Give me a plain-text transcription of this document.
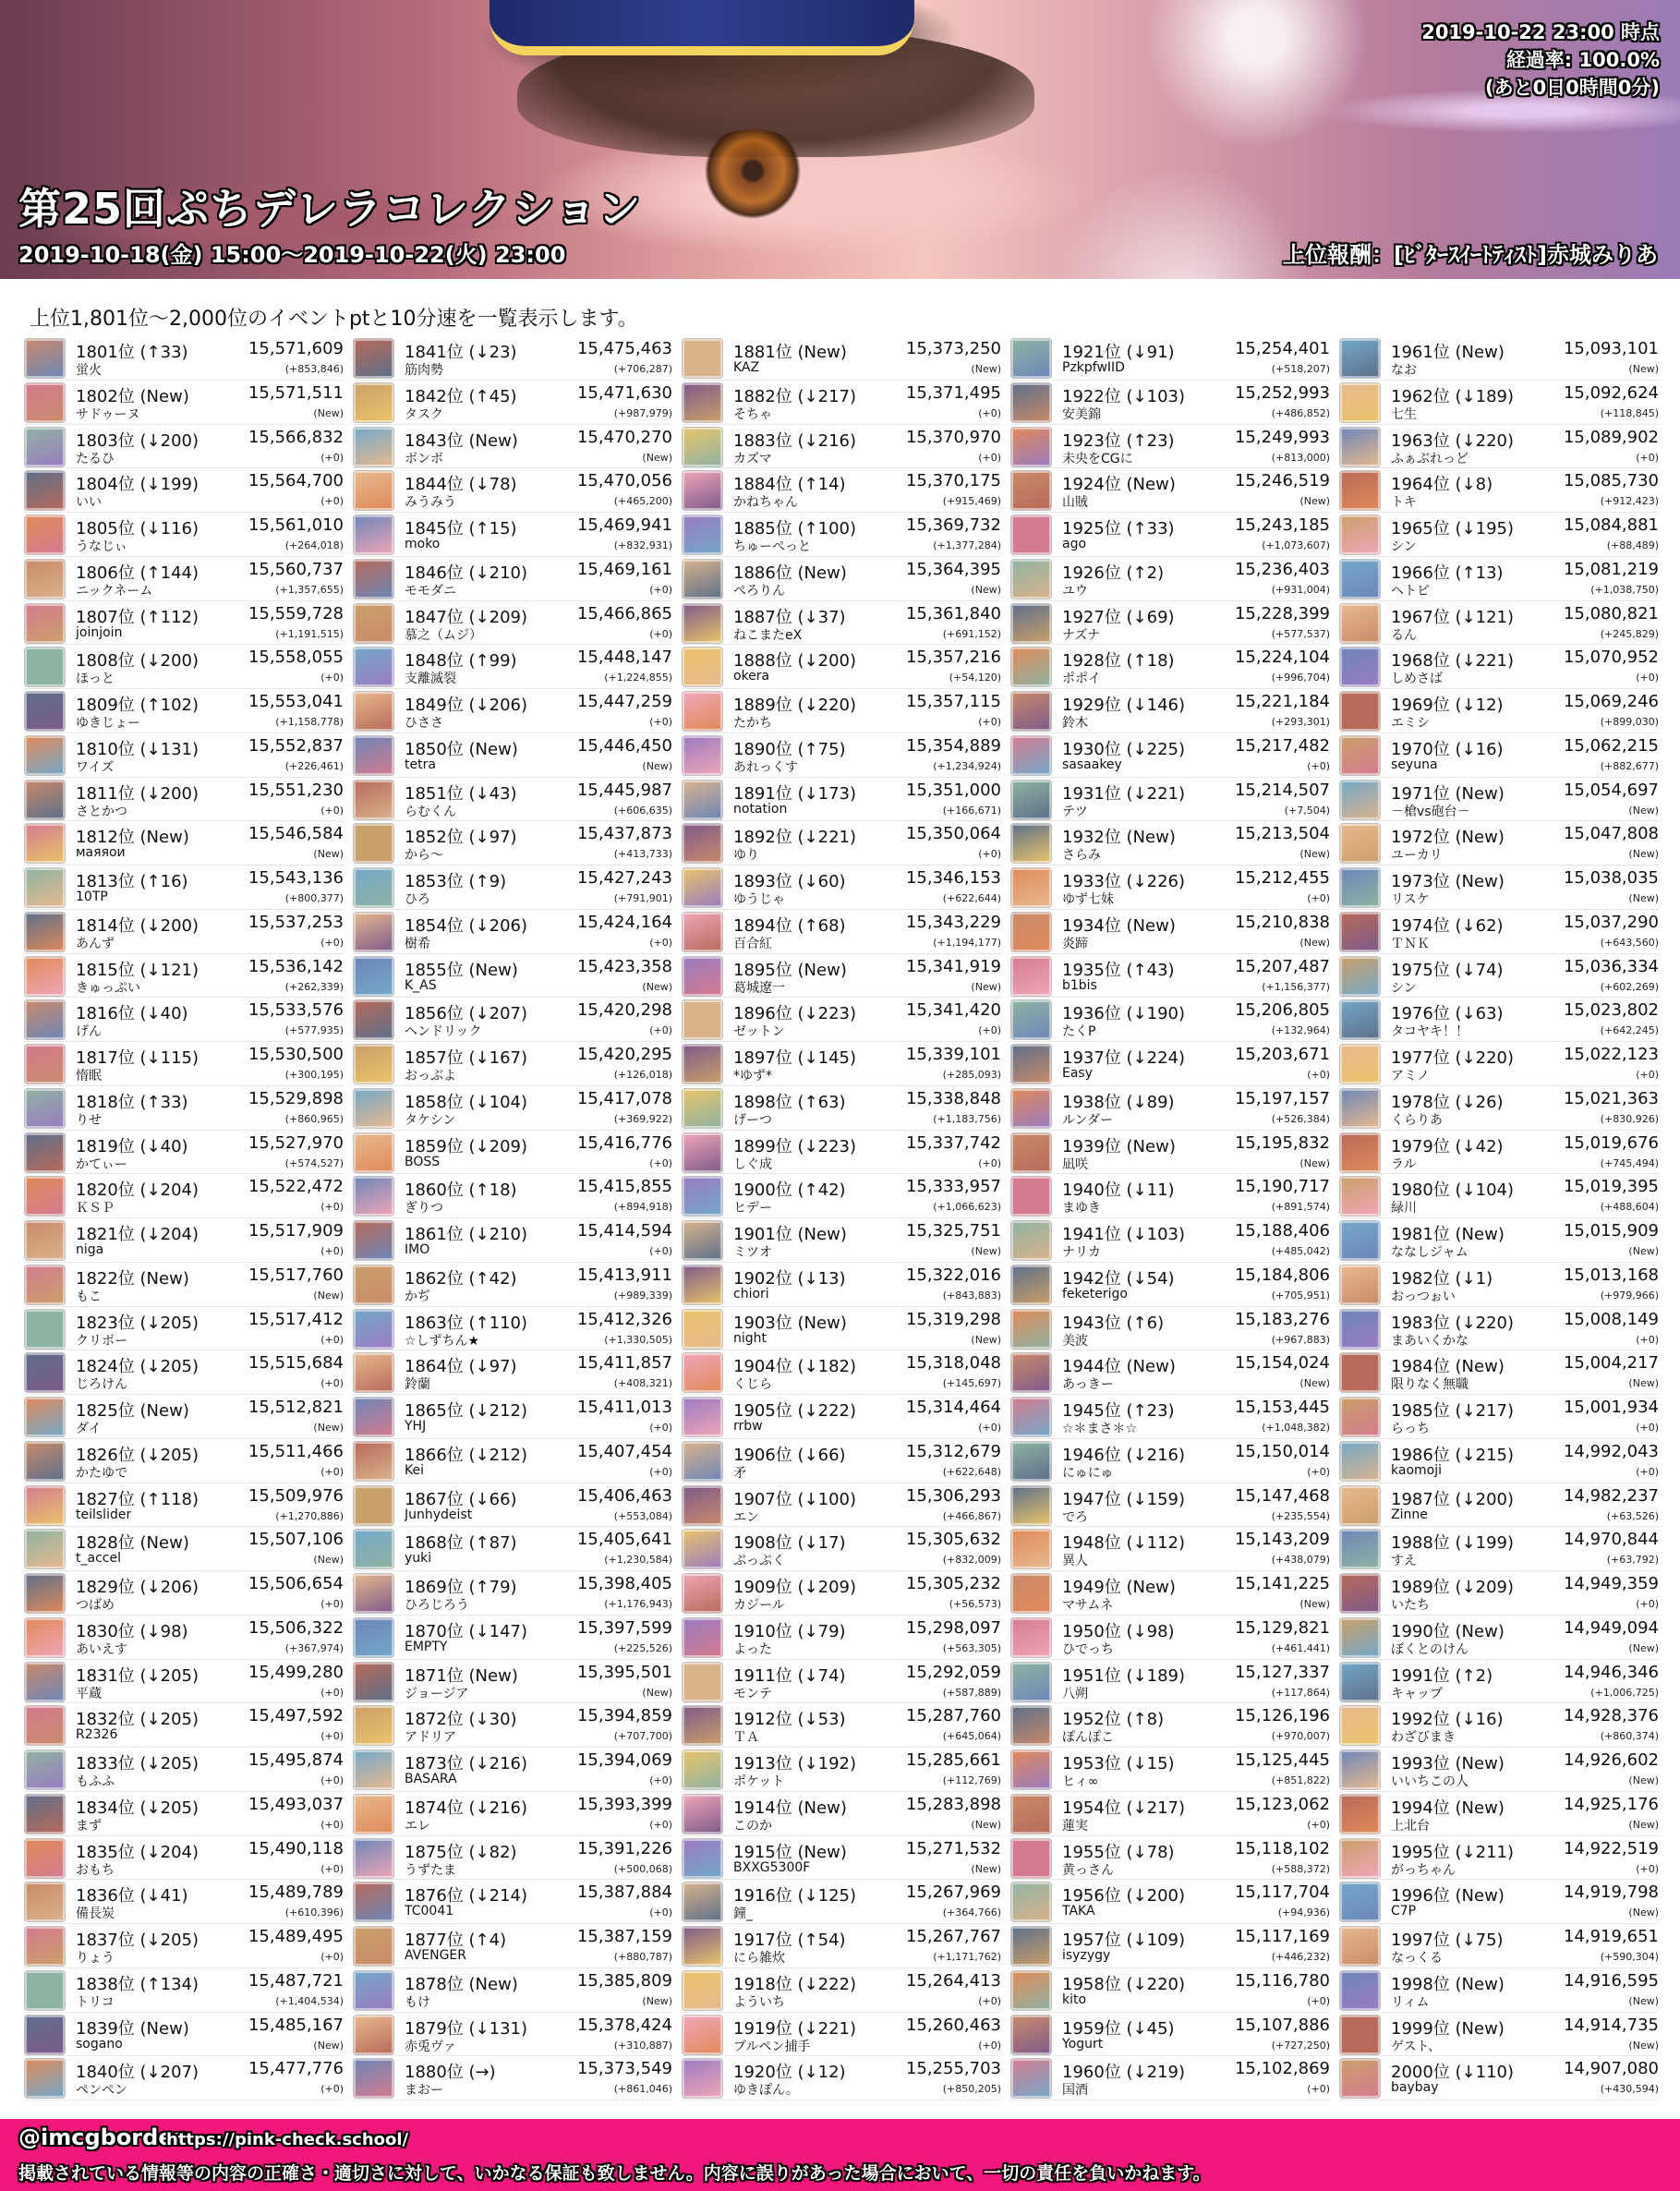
第25回ぷちデレラコレクション
2019-10-18(金) 15:00～2019-10-22(火) 23:00	上位報酬：[ﾋﾞﾀｰｽｲｰﾄﾃｨｽﾄ]赤城みりあ
2019-10-22 23:00 時点
経過率: 100.0%
(あと0日0時間0分)
上位1,801位～2,000位のイベントptと10分速を一覧表示します。
1801位 (↑33)	15,571,609
蛍火	(+853,846)
1802位 (New)	15,571,511
サドゥーヌ	(New)
1803位 (↓200)	15,566,832
たるひ	(+0)
1804位 (↓199)	15,564,700
いい	(+0)
1805位 (↓116)	15,561,010
うなじぃ	(+264,018)
1806位 (↑144)	15,560,737
ニックネーム	(+1,357,655)
1807位 (↑112)	15,559,728
joinjoin	(+1,191,515)
1808位 (↓200)	15,558,055
ほっと	(+0)
1809位 (↑102)	15,553,041
ゆきじょー	(+1,158,778)
1810位 (↓131)	15,552,837
ワイズ	(+226,461)
1811位 (↓200)	15,551,230
さとかつ	(+0)
1812位 (New)	15,546,584
маяяои	(New)
1813位 (↑16)	15,543,136
10TP	(+800,377)
1814位 (↓200)	15,537,253
あんず	(+0)
1815位 (↓121)	15,536,142
きゅっぷい	(+262,339)
1816位 (↓40)	15,533,576
げん	(+577,935)
1817位 (↓115)	15,530,500
惰眠	(+300,195)
1818位 (↑33)	15,529,898
りせ	(+860,965)
1819位 (↓40)	15,527,970
かてぃー	(+574,527)
1820位 (↓204)	15,522,472
ＫＳＰ	(+0)
1821位 (↓204)	15,517,909
niga	(+0)
1822位 (New)	15,517,760
もこ	(New)
1823位 (↓205)	15,517,412
クリボー	(+0)
1824位 (↓205)	15,515,684
じろけん	(+0)
1825位 (New)	15,512,821
ダイ	(New)
1826位 (↓205)	15,511,466
かたゆで	(+0)
1827位 (↑118)	15,509,976
teilslider	(+1,270,886)
1828位 (New)	15,507,106
t_accel	(New)
1829位 (↓206)	15,506,654
つばめ	(+0)
1830位 (↓98)	15,506,322
あいえす	(+367,974)
1831位 (↓205)	15,499,280
平蔵	(+0)
1832位 (↓205)	15,497,592
R2326	(+0)
1833位 (↓205)	15,495,874
もふふ	(+0)
1834位 (↓205)	15,493,037
まず	(+0)
1835位 (↓204)	15,490,118
おもち	(+0)
1836位 (↓41)	15,489,789
備長炭	(+610,396)
1837位 (↓205)	15,489,495
りょう	(+0)
1838位 (↑134)	15,487,721
トリコ	(+1,404,534)
1839位 (New)	15,485,167
sogano	(New)
1840位 (↓207)	15,477,776
ペンペン	(+0)
1841位 (↓23)	15,475,463
筋肉勢	(+706,287)
1842位 (↑45)	15,471,630
タスク	(+987,979)
1843位 (New)	15,470,270
ボンボ	(New)
1844位 (↓78)	15,470,056
みうみう	(+465,200)
1845位 (↑15)	15,469,941
moko	(+832,931)
1846位 (↓210)	15,469,161
モモダニ	(+0)
1847位 (↓209)	15,466,865
慕之（ムジ）	(+0)
1848位 (↑99)	15,448,147
支離滅裂	(+1,224,855)
1849位 (↓206)	15,447,259
ひささ	(+0)
1850位 (New)	15,446,450
tetra	(New)
1851位 (↓43)	15,445,987
らむくん	(+606,635)
1852位 (↓97)	15,437,873
から～	(+413,733)
1853位 (↑9)	15,427,243
ひろ	(+791,901)
1854位 (↓206)	15,424,164
樹希	(+0)
1855位 (New)	15,423,358
K_AS	(New)
1856位 (↓207)	15,420,298
ヘンドリック	(+0)
1857位 (↓167)	15,420,295
おっぶよ	(+126,018)
1858位 (↓104)	15,417,078
タケシン	(+369,922)
1859位 (↓209)	15,416,776
BOSS	(+0)
1860位 (↑18)	15,415,855
ぎりつ	(+894,918)
1861位 (↓210)	15,414,594
IMO	(+0)
1862位 (↑42)	15,413,911
かぢ	(+989,339)
1863位 (↑110)	15,412,326
☆しずちん★	(+1,330,505)
1864位 (↓97)	15,411,857
鈴蘭	(+408,321)
1865位 (↓212)	15,411,013
YHJ	(+0)
1866位 (↓212)	15,407,454
Kei	(+0)
1867位 (↓66)	15,406,463
Junhydeist	(+553,084)
1868位 (↑87)	15,405,641
yuki	(+1,230,584)
1869位 (↑79)	15,398,405
ひろじろう	(+1,176,943)
1870位 (↓147)	15,397,599
EMPTY	(+225,526)
1871位 (New)	15,395,501
ジョージア	(New)
1872位 (↓30)	15,394,859
アドリア	(+707,700)
1873位 (↓216)	15,394,069
BASARA	(+0)
1874位 (↓216)	15,393,399
エレ	(+0)
1875位 (↓82)	15,391,226
うずたま	(+500,068)
1876位 (↓214)	15,387,884
TC0041	(+0)
1877位 (↑4)	15,387,159
AVENGER	(+880,787)
1878位 (New)	15,385,809
もけ	(New)
1879位 (↓131)	15,378,424
赤兎ヴァ	(+310,887)
1880位 (→)	15,373,549
まおー	(+861,046)
1881位 (New)	15,373,250
KAZ	(New)
1882位 (↓217)	15,371,495
そちゃ	(+0)
1883位 (↓216)	15,370,970
カズマ	(+0)
1884位 (↑14)	15,370,175
かねちゃん	(+915,469)
1885位 (↑100)	15,369,732
ちゅーぺっと	(+1,377,284)
1886位 (New)	15,364,395
ぺろりん	(New)
1887位 (↓37)	15,361,840
ねこまたeX	(+691,152)
1888位 (↓200)	15,357,216
okera	(+54,120)
1889位 (↓220)	15,357,115
たかち	(+0)
1890位 (↑75)	15,354,889
あれっくす	(+1,234,924)
1891位 (↓173)	15,351,000
notation	(+166,671)
1892位 (↓221)	15,350,064
ゆり	(+0)
1893位 (↓60)	15,346,153
ゆうじゃ	(+622,644)
1894位 (↑68)	15,343,229
百合紅	(+1,194,177)
1895位 (New)	15,341,919
葛城遼一	(New)
1896位 (↓223)	15,341,420
ゼットン	(+0)
1897位 (↓145)	15,339,101
*ゆず*	(+285,093)
1898位 (↑63)	15,338,848
げーつ	(+1,183,756)
1899位 (↓223)	15,337,742
しぐ成	(+0)
1900位 (↑42)	15,333,957
ヒデー	(+1,066,623)
1901位 (New)	15,325,751
ミツオ	(New)
1902位 (↓13)	15,322,016
chiori	(+843,883)
1903位 (New)	15,319,298
night	(New)
1904位 (↓182)	15,318,048
くじら	(+145,697)
1905位 (↓222)	15,314,464
rrbw	(+0)
1906位 (↓66)	15,312,679
矛	(+622,648)
1907位 (↓100)	15,306,293
エン	(+466,867)
1908位 (↓17)	15,305,632
ぷっぷく	(+832,009)
1909位 (↓209)	15,305,232
カジール	(+56,573)
1910位 (↓79)	15,298,097
よった	(+563,305)
1911位 (↓74)	15,292,059
モンテ	(+587,889)
1912位 (↓53)	15,287,760
ＴＡ	(+645,064)
1913位 (↓192)	15,285,661
ポケット	(+112,769)
1914位 (New)	15,283,898
このか	(New)
1915位 (New)	15,271,532
BXXG5300F	(New)
1916位 (↓125)	15,267,969
鐘_	(+364,766)
1917位 (↑54)	15,267,767
にら雑炊	(+1,171,762)
1918位 (↓222)	15,264,413
よういち	(+0)
1919位 (↓221)	15,260,463
ブルペン捕手	(+0)
1920位 (↓12)	15,255,703
ゆきぽん。	(+850,205)
1921位 (↓91)	15,254,401
PzkpfwIID	(+518,207)
1922位 (↓103)	15,252,993
安美錦	(+486,852)
1923位 (↑23)	15,249,993
未央をCGに	(+813,000)
1924位 (New)	15,246,519
山賊	(New)
1925位 (↑33)	15,243,185
ago	(+1,073,607)
1926位 (↑2)	15,236,403
ユウ	(+931,004)
1927位 (↓69)	15,228,399
ナズナ	(+577,537)
1928位 (↑18)	15,224,104
ポポイ	(+996,704)
1929位 (↓146)	15,221,184
鈴木	(+293,301)
1930位 (↓225)	15,217,482
sasaakey	(+0)
1931位 (↓221)	15,214,507
テツ	(+7,504)
1932位 (New)	15,213,504
さらみ	(New)
1933位 (↓226)	15,212,455
ゆず七妹	(+0)
1934位 (New)	15,210,838
炎蹄	(New)
1935位 (↑43)	15,207,487
b1bis	(+1,156,377)
1936位 (↓190)	15,206,805
たくP	(+132,964)
1937位 (↓224)	15,203,671
Easy	(+0)
1938位 (↓89)	15,197,157
ルンダー	(+526,384)
1939位 (New)	15,195,832
凪咲	(New)
1940位 (↓11)	15,190,717
まゆき	(+891,574)
1941位 (↓103)	15,188,406
ナリカ	(+485,042)
1942位 (↓54)	15,184,806
feketerigo	(+705,951)
1943位 (↑6)	15,183,276
美波	(+967,883)
1944位 (New)	15,154,024
あっきー	(New)
1945位 (↑23)	15,153,445
☆＊まさ＊☆	(+1,048,382)
1946位 (↓216)	15,150,014
にゅにゅ	(+0)
1947位 (↓159)	15,147,468
でろ	(+235,554)
1948位 (↓112)	15,143,209
異人	(+438,079)
1949位 (New)	15,141,225
マサムネ	(New)
1950位 (↓98)	15,129,821
ひでっち	(+461,441)
1951位 (↓189)	15,127,337
八朔	(+117,864)
1952位 (↑8)	15,126,196
ぽんぽこ	(+970,007)
1953位 (↓15)	15,125,445
ヒィ∞	(+851,822)
1954位 (↓217)	15,123,062
蓮実	(+0)
1955位 (↓78)	15,118,102
黄っさん	(+588,372)
1956位 (↓200)	15,117,704
TAKA	(+94,936)
1957位 (↓109)	15,117,169
isyzygy	(+446,232)
1958位 (↓220)	15,116,780
kito	(+0)
1959位 (↓45)	15,107,886
Yogurt	(+727,250)
1960位 (↓219)	15,102,869
国酒	(+0)
1961位 (New)	15,093,101
なお	(New)
1962位 (↓189)	15,092,624
七生	(+118,845)
1963位 (↓220)	15,089,902
ふぁぶれっど	(+0)
1964位 (↓8)	15,085,730
トキ	(+912,423)
1965位 (↓195)	15,084,881
シン	(+88,489)
1966位 (↑13)	15,081,219
ヘトピ	(+1,038,750)
1967位 (↓121)	15,080,821
るん	(+245,829)
1968位 (↓221)	15,070,952
しめさば	(+0)
1969位 (↓12)	15,069,246
エミシ	(+899,030)
1970位 (↓16)	15,062,215
seyuna	(+882,677)
1971位 (New)	15,054,697
－槍vs砲台－	(New)
1972位 (New)	15,047,808
ユーカリ	(New)
1973位 (New)	15,038,035
リスケ	(New)
1974位 (↓62)	15,037,290
ＴＮＫ	(+643,560)
1975位 (↓74)	15,036,334
シン	(+602,269)
1976位 (↓63)	15,023,802
タコヤキ！！	(+642,245)
1977位 (↓220)	15,022,123
アミノ	(+0)
1978位 (↓26)	15,021,363
くらりあ	(+830,926)
1979位 (↓42)	15,019,676
ラル	(+745,494)
1980位 (↓104)	15,019,395
緑川	(+488,604)
1981位 (New)	15,015,909
ななしジャム	(New)
1982位 (↓1)	15,013,168
おっつぉい	(+979,966)
1983位 (↓220)	15,008,149
まあいくかな	(+0)
1984位 (New)	15,004,217
限りなく無職	(New)
1985位 (↓217)	15,001,934
らっち	(+0)
1986位 (↓215)	14,992,043
kaomoji	(+0)
1987位 (↓200)	14,982,237
Zinne	(+63,526)
1988位 (↓199)	14,970,844
すえ	(+63,792)
1989位 (↓209)	14,949,359
いたち	(+0)
1990位 (New)	14,949,094
ぼくとのけん	(New)
1991位 (↑2)	14,946,346
キャップ	(+1,006,725)
1992位 (↓16)	14,928,376
わざびまき	(+860,374)
1993位 (New)	14,926,602
いいちこの人	(New)
1994位 (New)	14,925,176
上北台	(New)
1995位 (↓211)	14,922,519
がっちゃん	(+0)
1996位 (New)	14,919,798
C7P	(New)
1997位 (↓75)	14,919,651
なっくる	(+590,304)
1998位 (New)	14,916,595
リィム	(New)
1999位 (New)	14,914,735
ゲスト、	(New)
2000位 (↓110)	14,907,080
baybay	(+430,594)
@imcgborder
https://pink-check.school/
掲載されている情報等の内容の正確さ・適切さに対して、いかなる保証も致しません。内容に誤りがあった場合において、一切の責任を負いかねます。
